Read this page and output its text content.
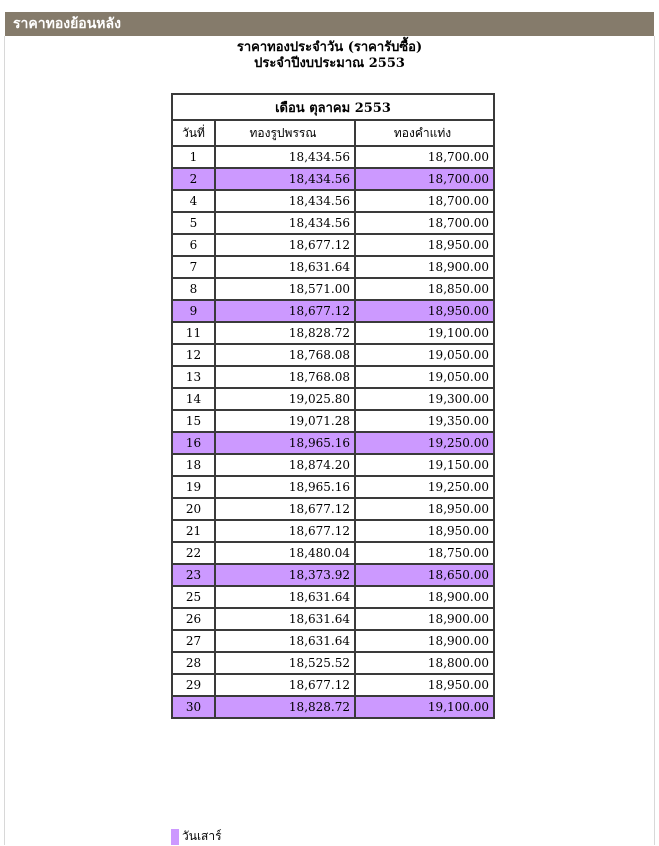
ราคาทองย้อนหลัง
ราคาทองประจำวัน (ราคารับซื้อ)
ประจำปีงบประมาณ 2553
เดือน ตุลาคม 2553		
วันที่	ทองรูปพรรณ	ทองคำแท่ง
1	18,434.56	18,700.00
2	18,434.56	18,700.00
4	18,434.56	18,700.00
5	18,434.56	18,700.00
6	18,677.12	18,950.00
7	18,631.64	18,900.00
8	18,571.00	18,850.00
9	18,677.12	18,950.00
11	18,828.72	19,100.00
12	18,768.08	19,050.00
13	18,768.08	19,050.00
14	19,025.80	19,300.00
15	19,071.28	19,350.00
16	18,965.16	19,250.00
18	18,874.20	19,150.00
19	18,965.16	19,250.00
20	18,677.12	18,950.00
21	18,677.12	18,950.00
22	18,480.04	18,750.00
23	18,373.92	18,650.00
25	18,631.64	18,900.00
26	18,631.64	18,900.00
27	18,631.64	18,900.00
28	18,525.52	18,800.00
29	18,677.12	18,950.00
30	18,828.72	19,100.00
วันเสาร์
